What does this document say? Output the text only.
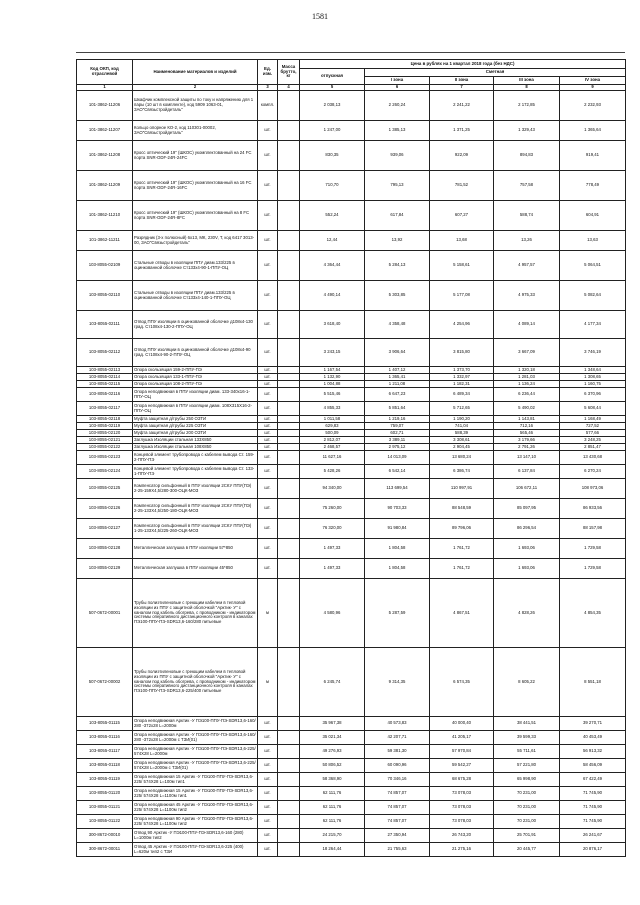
1581
Код ОКП, код отраслевой	Наименование материалов и изделий	Ед. изм.	Масса брутто, кг	Цена в рублях на 1 квартал 2018 года (без НДС)				
				отпускная	Сметная			
					I зона	II зона	III зона	IV зона
1	2	3	4	5	6	7	8	9
101-3862-11206	Шкафчик комплексной защиты по току и напряжению для 1 пары (10 шт в комплекте), код 5909 1063-01, ЗАО"Связьстройдеталь"	компл.		2 038,13	2 260,24	2 241,22	2 172,85	2 232,93
101-3862-11207	Кольцо опорное КО-2, код 110301-00002, ЗАО"Связьстройдеталь"	шт.		1 247,00	1 385,13	1 371,25	1 329,43	1 365,64
101-3862-11208	Кросс оптический 19" (ШКОС) укомплектованный на 24 FC порта SNR-ODF-24R-24FC	шт.		830,35	939,06	922,09	894,83	919,41
101-3862-11209	Кросс оптический 19" (ШКОС) укомплектованный на 16 FC порта SNR-ODF-24R-16FC	шт.		710,70	795,13	781,52	757,58	778,49
101-3862-11210	Кросс оптический 19" (ШКОС) укомплектованный на 8 FC порта SNR-ODF-24R-8FC	шт.		552,24	617,84	607,27	588,74	604,91
101-3862-11211	Разрядник (3-х полюсный) 6х13, МК, 230V, Т, код 6417 3013-00, ЗАО"Связьстройдеталь"	шт.		12,44	13,92	13,68	13,26	13,63
103-8055-02109	Стальные отводы в изоляции ППУ диам.133/225 в оцинкованной оболочке Ст133х4-90-1-ППУ-ОЦ	шт.		4 364,44	5 284,13	5 158,61	4 957,57	5 064,51
103-8055-02110	Стальные отводы в изоляции ППУ диам.133/225 в оцинкованной оболочке Ст133х4-140-1-ППУ-ОЦ	шт.		4 490,14	5 303,85	5 177,08	4 975,33	5 082,64
103-8055-02111	Отвод ППУ изоляции в оцинкованной оболочке д108х4-130 град. Ст108х4-130-2-ППУ-ОЦ	шт.		3 618,40	4 358,48	4 254,96	4 089,14	4 177,34
103-8055-02112	Отвод ППУ изоляции в оцинкованной оболочке д108х4-90 град. Ст108х4-90-2-ППУ-ОЦ	шт.		3 243,15	3 906,64	3 815,80	3 667,09	3 746,19
103-8055-02113	Опора скользящая 159-2-ППУ-ПЭ	шт.		1 167,54	1 407,12	1 373,70	1 320,18	1 348,64
103-8055-02114	Опора скользящая 133-1-ППУ-ПЭ	шт.		1 132,90	1 365,41	1 332,97	1 281,03	1 308,65
103-8055-02115	Опора скользящая 108-2-ППУ-ПЭ	шт.		1 004,88	1 211,08	1 182,31	1 136,24	1 160,75
103-8055-02116	Опора неподвижная в ППУ изоляции диам. 133-340х16-1-ППУ-ОЦ	шт.		5 515,46	6 647,23	6 489,34	6 236,44	6 370,96
103-8055-02117	Опора неподвижная в ППУ изоляции диам. 108Х315Х16-2-ППУ-ОЦ	шт.		4 855,33	5 851,64	5 712,65	5 490,02	5 608,44
103-8055-02118	Муфта защитная д/трубы 250 ОЗТИ	шт.		1 011,58	1 219,16	1 190,20	1 143,81	1 168,49
103-8055-02119	Муфта защитная д/трубы 225 ОЗТИ	шт.		629,83	759,07	741,04	712,16	727,52
103-8055-02120	Муфта защитная д/трубы 200 ОЗТИ	шт.		500,09	602,71	588,39	565,46	577,66
103-8055-02121	Заглушка Изоляции стальная 133Х850	шт.		2 812,07	3 389,11	3 308,61	3 179,66	3 248,25
103-8055-02122	Заглушка Изоляции стальная 108Х850	шт.		2 468,57	2 975,12	2 904,45	2 791,26	2 851,47
103-8055-02123	Концевой элемент трубопровода с кабелем вывода Ст. 159-2-ППУ-ПЭ	шт.		11 627,16	14 013,09	13 680,24	13 147,10	13 430,68
103-8055-02124	Концевой элемент трубопровода с кабелем вывода Ст. 133-1-ППУ-ПЭ	шт.		5 428,26	6 542,14	6 386,74	6 137,84	6 270,24
103-8055-02125	Компенсатор сильфонный в ППУ изоляции 2СКУ ППУ(ПЭ) 2-25-159Х4,5/280-300-ОЦК-МОЗ	шт.		94 340,00	113 699,54	110 997,91	106 672,11	108 973,06
103-8055-02126	Компенсатор сильфонный в ППУ изоляции 2СКУ ППУ(ПЭ) 2-25-133Х4,5/250-180-ОЦК-МОЗ	шт.		75 260,00	90 703,33	88 548,59	85 097,95	86 933,56
103-8055-02127	Компенсатор сильфонный в ППУ изоляции 2СКУ ППУ(ПЭ) 1-25-133Х4,5/225-260-ОЦК-МОЗ	шт.		76 320,00	91 980,84	89 796,06	86 296,54	88 157,98
103-8055-02128	Металлическая заглушка в ППУ изоляции 57*850	шт.		1 497,33	1 804,58	1 761,72	1 693,06	1 729,58
103-8055-02129	Металлическая заглушка в ППУ изоляции 45*850	шт.		1 497,33	1 804,58	1 761,72	1 693,06	1 729,58
507-0672-00001	Трубы полиэтиленовые с греющим кабелем в тепловой изоляции из ППУ с защитной оболочкой "Арктик- У" с каналом под кабель обогрева, с проводником - индикатором системы оперативного дистанционного контроля в каналах ПЭ100-ППУ-ПЭ-SDR13,6-160/280 питьевые	м		4 580,96	5 287,59	4 867,51	4 828,26	4 854,35
507-0672-00002	Трубы полиэтиленовые с греющим кабелем в тепловой изоляции из ППУ с защитной оболочкой "Арктик- У" с каналом под кабель обогрева, с проводником - индикатором системы оперативного дистанционного контроля в каналах ПЭ100-ППУ-ПЭ-SDR13,6-225/400 питьевые	м		6 245,74	9 314,35	6 574,35	8 605,22	8 551,18
103-8055-01115	Опора неподвижная Арктик -У ПЭ100-ППУ-ПЭ-SDR13,6-160/ 280 -372х28 L=2000м	шт.		35 967,38	40 573,83	40 000,40	38 441,51	39 270,71
103-8055-01116	Опора неподвижная Арктик -У ПЭ100-ППУ-ПЭ-SDR13,6-160/ 280 -372х28 L=2000м с ТЗИ(01)	шт.		35 021,34	42 207,71	41 205,17	39 599,33	40 453,49
103-8055-01117	Опора неподвижная Арктик -У ПЭ100-ППУ-ПЭ-SDR13,6-225/ 574Х28 L=2000м	шт.		49 276,93	59 381,30	57 970,84	55 711,61	56 913,32
103-8055-01118	Опора неподвижная Арктик -У ПЭ100-ППУ-ПЭ-SDR13,6-225/ 574Х28 L=2000м с ТЗИ(01)	шт.		50 806,52	60 090,96	59 542,27	57 221,80	58 456,09
103-8055-01119	Опора неподвижная 15 Арктик -У ПЭ100-ППУ-ПЭ-SDR13,6-225/ 574Х28 L=100м тип1	шт.		58 368,90	70 346,16	68 675,28	65 998,90	67 422,49
103-8055-01120	Опора неподвижная 15 Арктик -У ПЭ100-ППУ-ПЭ-SDR13,6-225/ 574Х28 L=1100м тип1	шт.		62 111,76	74 857,07	73 078,03	70 231,00	71 745,90
103-8055-01121	Опора неподвижная 45 Арктик -У ПЭ100-ППУ-ПЭ-SDR13,6-225/ 574Х28 L=1100м тип2	шт.		62 111,76	74 857,07	73 078,03	70 231,00	71 745,90
103-8055-01122	Опора неподвижная 90 Арктик -У ПЭ100-ППУ-ПЭ-SDR13,6-225/ 574Х28 L=1100м тип2	шт.		62 111,76	74 857,07	73 078,03	70 231,00	71 745,90
300-8672-00010	Отвод 90 Арктик -У ПЭ100-ППУ-ПЭ-SDR13,6-160 (280) L=1000м тип2	шт.		24 215,70	27 350,94	26 743,20	25 701,91	26 241,67
300-8672-00011	Отвод 45 Арктик -У ПЭ100-ППУ-ПЭ-SDR13,6-225 (400) L=620м тип2 с ТЗИ	шт.		18 264,44	21 755,63	21 275,16	20 445,77	20 876,17
